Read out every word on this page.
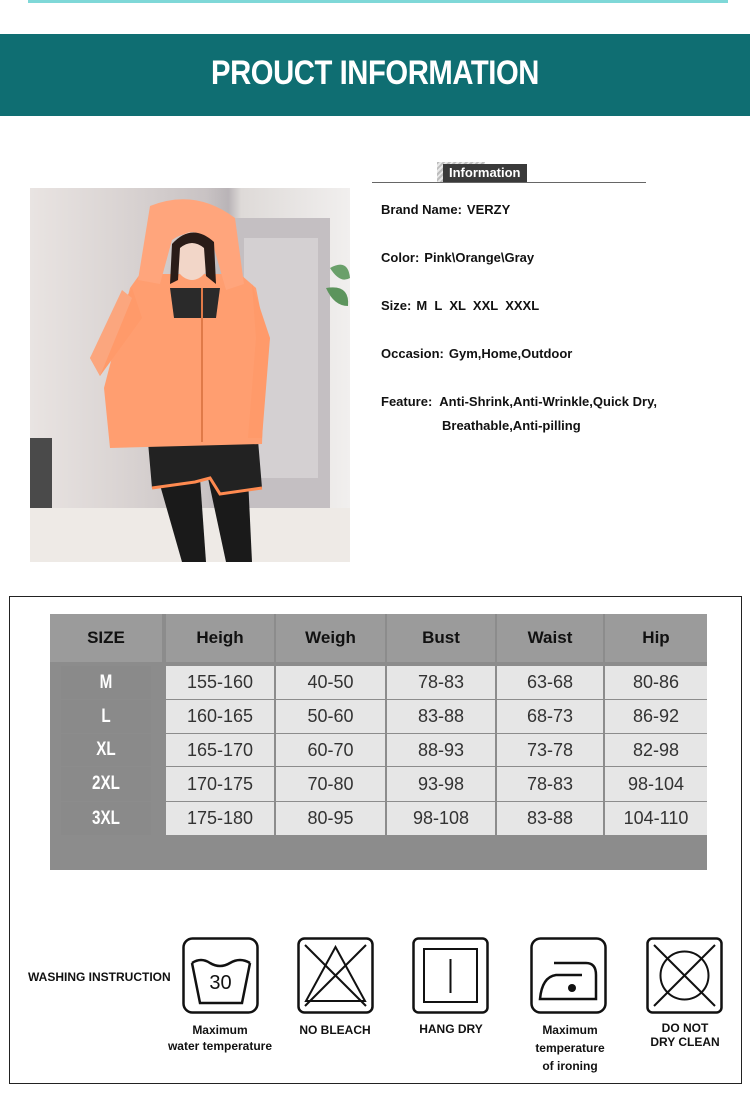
PROUCT INFORMATION
Information
Brand Name: VERZY
Color: Pink\Orange\Gray
Size: M  L  XL  XXL  XXXL
Occasion: Gym,Home,Outdoor
Feature: Anti-Shrink,Anti-Wrinkle,Quick Dry,
Breathable,Anti-pilling
SIZE	Heigh	Weigh	Bust	Waist	Hip
M	155-160	40-50	78-83	63-68	80-86
L	160-165	50-60	83-88	68-73	86-92
XL	165-170	60-70	88-93	73-78	82-98
2XL	170-175	70-80	93-98	78-83	98-104
3XL	175-180	80-95	98-108	83-88	104-110
WASHING INSTRUCTION 30
Maximum
water temperature
NO BLEACH	HANG DRY	Maximum
temperature
of ironing
DO NOT
DRY CLEAN
